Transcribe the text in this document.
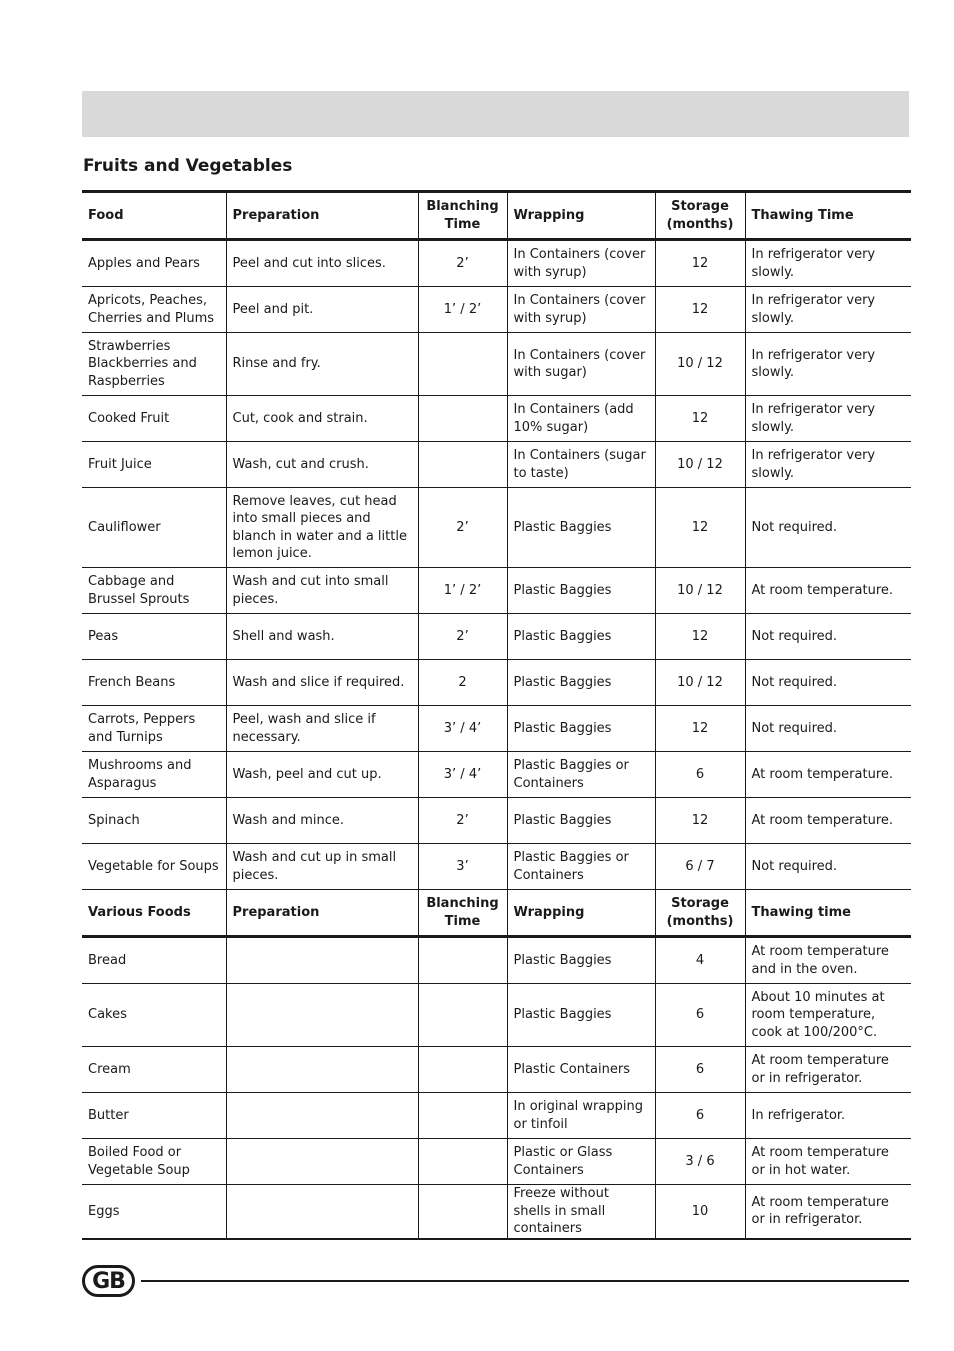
Fruits and Vegetables
Food	Preparation	Blanching Time	Wrapping	Storage (months)	Thawing Time
Apples and Pears	Peel and cut into slices.	2’	In Containers (cover with syrup)	12	In refrigerator very slowly.
Apricots, Peaches, Cherries and Plums	Peel and pit.	1’ / 2’	In Containers (cover with syrup)	12	In refrigerator very slowly.
Strawberries Blackberries and Raspberries	Rinse and fry.		In Containers (cover with sugar)	10 / 12	In refrigerator very slowly.
Cooked Fruit	Cut, cook and strain.		In Containers (add 10% sugar)	12	In refrigerator very slowly.
Fruit Juice	Wash, cut and crush.		In Containers (sugar to taste)	10 / 12	In refrigerator very slowly.
Cauliflower	Remove leaves, cut head into small pieces and blanch in water and a little lemon juice.	2’	Plastic Baggies	12	Not required.
Cabbage and Brussel Sprouts	Wash and cut into small pieces.	1’ / 2’	Plastic Baggies	10 / 12	At room temperature.
Peas	Shell and wash.	2’	Plastic Baggies	12	Not required.
French Beans	Wash and slice if required.	2	Plastic Baggies	10 / 12	Not required.
Carrots, Peppers and Turnips	Peel, wash and slice if necessary.	3’ / 4’	Plastic Baggies	12	Not required.
Mushrooms and Asparagus	Wash, peel and cut up.	3’ / 4’	Plastic Baggies or Containers	6	At room temperature.
Spinach	Wash and mince.	2’	Plastic Baggies	12	At room temperature.
Vegetable for Soups	Wash and cut up in small pieces.	3’	Plastic Baggies or Containers	6 / 7	Not required.
Various Foods	Preparation	Blanching Time	Wrapping	Storage (months)	Thawing time
Bread			Plastic Baggies	4	At room temperature and in the oven.
Cakes			Plastic Baggies	6	About 10 minutes at room temperature, cook at 100/200°C.
Cream			Plastic Containers	6	At room temperature or in refrigerator.
Butter			In original wrapping or tinfoil	6	In refrigerator.
Boiled Food or Vegetable Soup			Plastic or Glass Containers	3 / 6	At room temperature or in hot water.
Eggs			Freeze without shells in small containers	10	At room temperature or in refrigerator.
GB
